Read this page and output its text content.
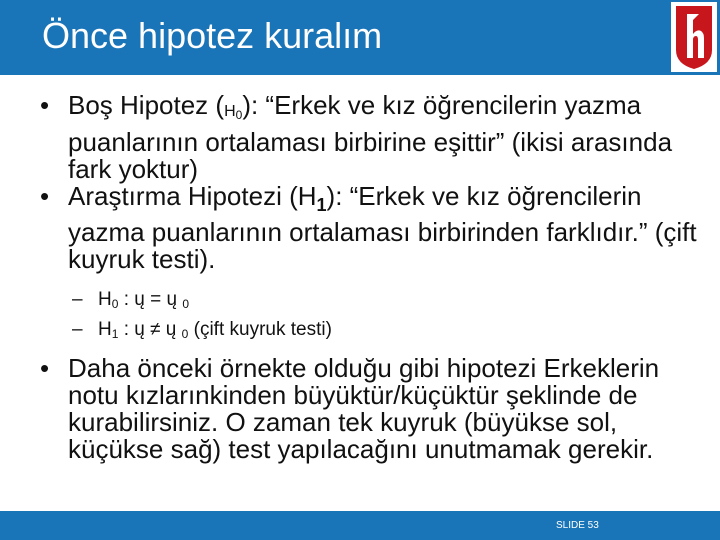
Önce hipotez kuralım
• Boş Hipotez (H0): “Erkek ve kız öğrencilerin yazma puanlarının ortalaması birbirine eşittir” (ikisi arasında fark yoktur)
• Araştırma Hipotezi $(H_1)$: “Erkek ve kız öğrencilerin yazma puanlarının ortalaması birbirinden farklıdır.” (çift kuyruk testi).
– H0 : ų = ų 0
– H1 : ų ≠ ų 0 (çift kuyruk testi)
• Daha önceki örnekte olduğu gibi hipotezi Erkeklerin notu kızlarınkinden büyüktür/küçüktür şeklinde de kurabilirsiniz. O zaman tek kuyruk (büyükse sol, küçükse sağ) test yapılacağını unutmamak gerekir.
SLIDE 53
